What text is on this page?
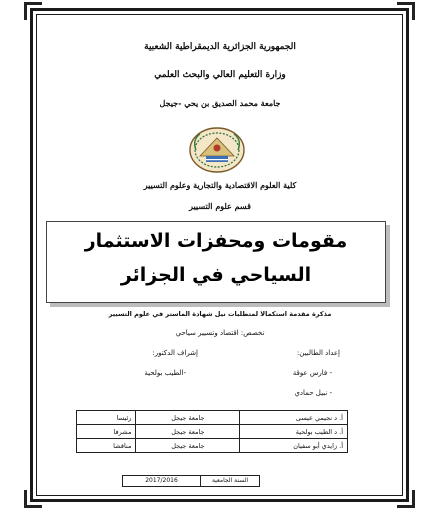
الجمهورية الجزائرية الديمقراطية الشعبية
وزارة التعليم العالي والبحث العلمي
جامعة محمد الصديق بن يحي -جيجل
كلية العلوم الاقتصادية والتجارية وعلوم التسيير
قسم علوم التسيير
مقومات ومحفزات الاستثمار
السياحي في الجزائر
مذكرة مقدمة استكمالا لمتطلبات نيل شهادة الماستر في علوم التسيير
تخصص: اقتصاد وتسيير سياحي
إعداد الطالبين:
إشراف الدكتور:
- فارس عوقة
-الطيب بولحية
- نبيل حمادي
أ. د نجيمي عيسى	جامعة جيجل	رئيسا
أ. د الطيب بولحية	جامعة جيجل	مشرفا
أ. زايدي أبو سفيان	جامعة جيجل	مناقشا
السنة الجامعية
2017/2016
